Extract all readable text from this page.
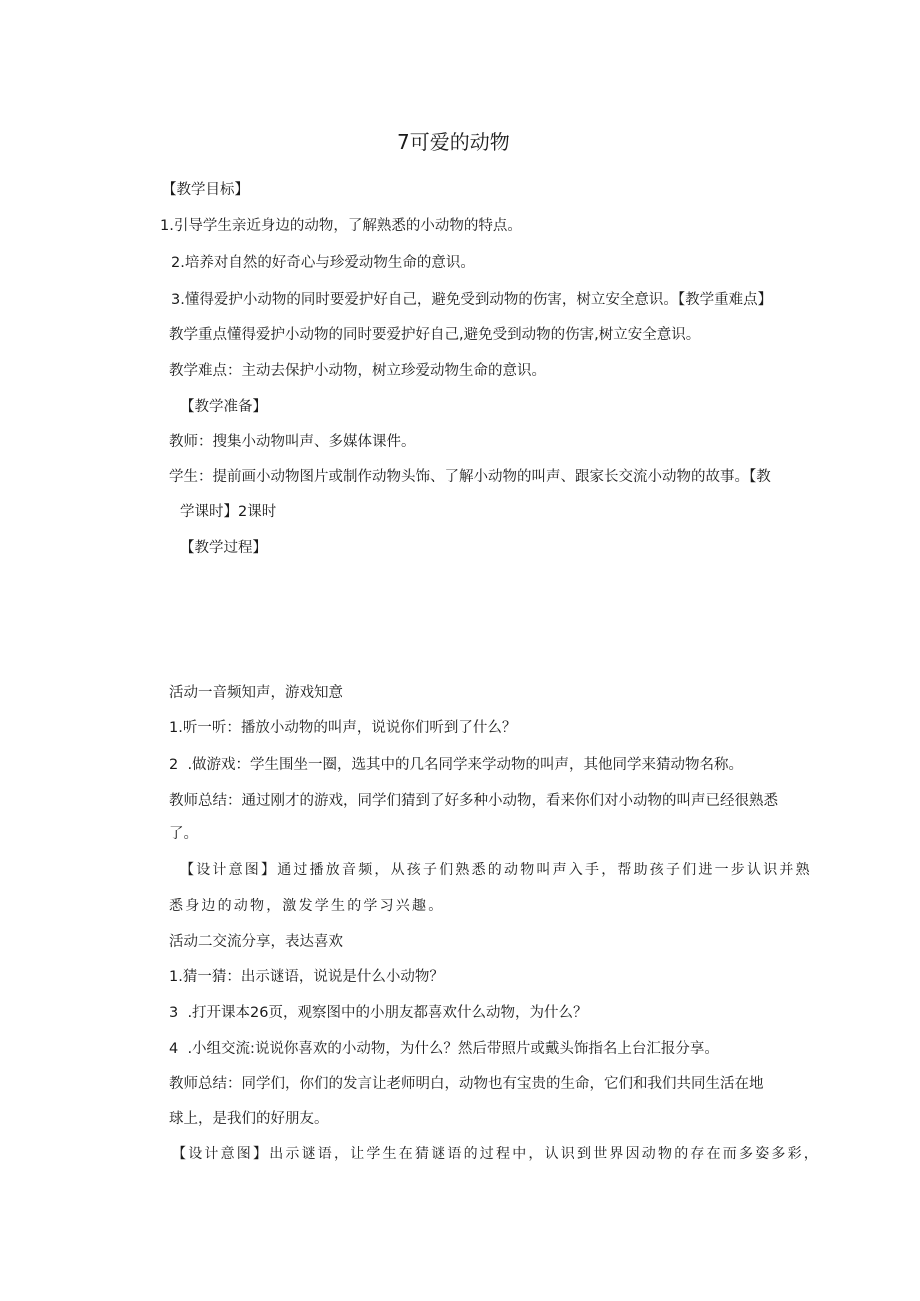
7可爱的动物
【教学目标】
1.引导学生亲近身边的动物，了解熟悉的小动物的特点。
2.培养对自然的好奇心与珍爱动物生命的意识。
3.懂得爱护小动物的同时要爱护好自己，避免受到动物的伤害，树立安全意识。【教学重难点】
教学重点懂得爱护小动物的同时要爱护好自己,避免受到动物的伤害,树立安全意识。
教学难点：主动去保护小动物，树立珍爱动物生命的意识。
【教学准备】
教师：搜集小动物叫声、多媒体课件。
学生：提前画小动物图片或制作动物头饰、了解小动物的叫声、跟家长交流小动物的故事。【教
学课时】2课时
【教学过程】
活动一音频知声，游戏知意
1.听一听：播放小动物的叫声，说说你们听到了什么？
2  .做游戏：学生围坐一圈，选其中的几名同学来学动物的叫声，其他同学来猜动物名称。
教师总结：通过刚才的游戏，同学们猜到了好多种小动物，看来你们对小动物的叫声已经很熟悉
了。
【设计意图】通过播放音频，从孩子们熟悉的动物叫声入手，帮助孩子们进一步认识并熟
悉身边的动物，激发学生的学习兴趣。
活动二交流分享，表达喜欢
1.猜一猜：出示谜语，说说是什么小动物？
3  .打开课本26页，观察图中的小朋友都喜欢什么动物，为什么？
4  .小组交流:说说你喜欢的小动物，为什么？然后带照片或戴头饰指名上台汇报分享。
教师总结：同学们，你们的发言让老师明白，动物也有宝贵的生命，它们和我们共同生活在地
球上，是我们的好朋友。
【设计意图】出示谜语，让学生在猜谜语的过程中，认识到世界因动物的存在而多姿多彩，
